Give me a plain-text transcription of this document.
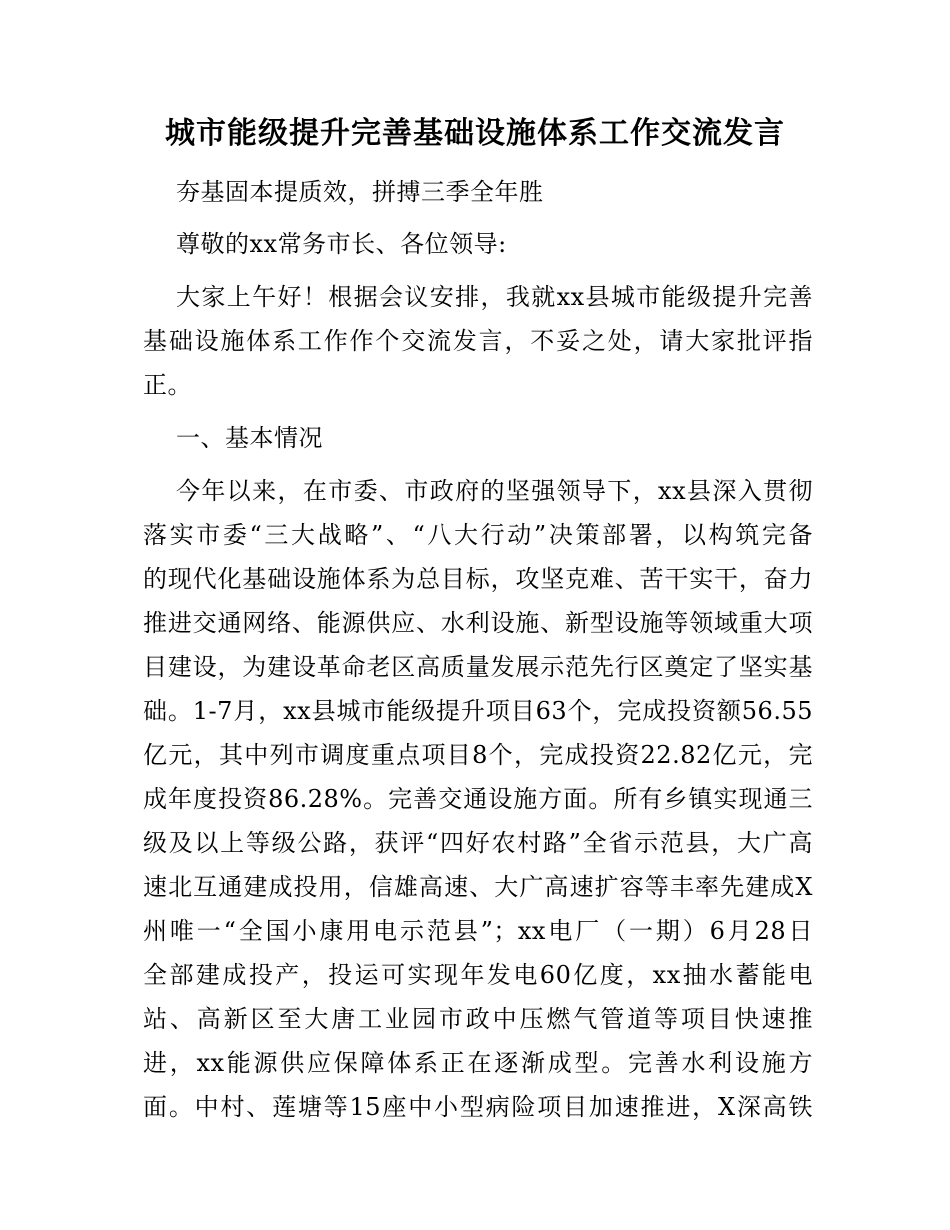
城市能级提升完善基础设施体系工作交流发言

夯基固本提质效，拼搏三季全年胜

尊敬的xx常务市长、各位领导:

大家上午好！根据会议安排，我就xx县城市能级提升完善

基础设施体系工作作个交流发言，不妥之处，请大家批评指

正。

一、基本情况

今年以来，在市委、市政府的坚强领导下，xx县深入贯彻

落实市委“三大战略”、“八大行动”决策部署，以构筑完备

的现代化基础设施体系为总目标，攻坚克难、苦干实干，奋力

推进交通网络、能源供应、水利设施、新型设施等领域重大项

目建设，为建设革命老区高质量发展示范先行区奠定了坚实基

础。1-7月，xx县城市能级提升项目63个，完成投资额56.55

亿元，其中列市调度重点项目8个，完成投资22.82亿元，完

成年度投资86.28%。完善交通设施方面。所有乡镇实现通三

级及以上等级公路，获评“四好农村路”全省示范县，大广高

速北互通建成投用，信雄高速、大广高速扩容等丰率先建成X

州唯一“全国小康用电示范县”；xx电厂（一期）6月28日

全部建成投产，投运可实现年发电60亿度，xx抽水蓄能电

站、高新区至大唐工业园市政中压燃气管道等项目快速推

进，xx能源供应保障体系正在逐渐成型。完善水利设施方

面。中村、莲塘等15座中小型病险项目加速推进，X深高铁
